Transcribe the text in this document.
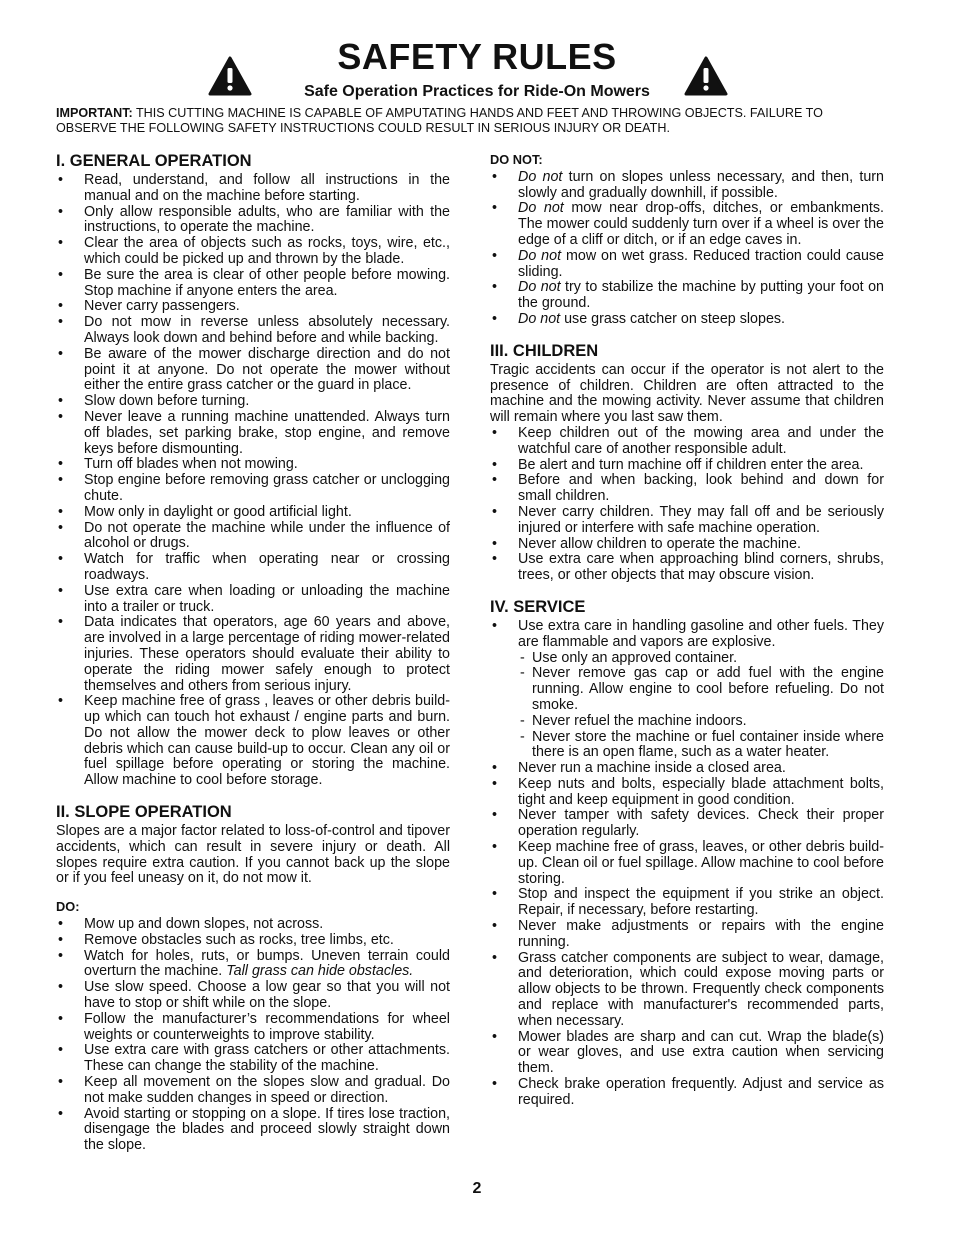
SAFETY RULES
Safe Operation Practices for Ride-On Mowers
IMPORTANT: THIS CUTTING MACHINE IS CAPABLE OF AMPUTATING HANDS AND FEET AND THROWING OBJECTS. FAILURE TO OBSERVE THE FOLLOWING SAFETY INSTRUCTIONS COULD RESULT IN SERIOUS INJURY OR DEATH.
I. GENERAL OPERATION
• Read, understand, and follow all instructions in the manual and on the machine before starting.
• Only allow responsible adults, who are familiar with the instructions, to operate the machine.
• Clear the area of objects such as rocks, toys, wire, etc., which could be picked up and thrown by the blade.
• Be sure the area is clear of other people before mowing. Stop machine if anyone enters the area.
• Never carry passengers.
• Do not mow in reverse unless absolutely necessary. Always look down and behind before and while backing.
• Be aware of the mower discharge direction and do not point it at anyone. Do not operate the mower without either the entire grass catcher or the guard in place.
• Slow down before turning.
• Never leave a running machine unattended. Always turn off blades, set parking brake, stop engine, and remove keys before dismounting.
• Turn off blades when not mowing.
• Stop engine before removing grass catcher or unclogging chute.
• Mow only in daylight or good artificial light.
• Do not operate the machine while under the influence of alcohol or drugs.
• Watch for traffic when operating near or crossing roadways.
• Use extra care when loading or unloading the machine into a trailer or truck.
• Data indicates that operators, age 60 years and above, are involved in a large percentage of riding mower-related injuries. These operators should evaluate their ability to operate the riding mower safely enough to protect themselves and others from serious injury.
• Keep machine free of grass , leaves or other debris build-up which can touch hot exhaust / engine parts and burn. Do not allow the mower deck to plow leaves or other debris which can cause build-up to occur. Clean any oil or fuel spillage before operating or storing the machine. Allow machine to cool before storage.
II. SLOPE OPERATION

Slopes are a major factor related to loss-of-control and tipover accidents, which can result in severe injury or death. All slopes require extra caution. If you cannot back up the slope or if you feel uneasy on it, do not mow it.

DO:
• Mow up and down slopes, not across.
• Remove obstacles such as rocks, tree limbs, etc.
• Watch for holes, ruts, or bumps. Uneven terrain could overturn the machine. Tall grass can hide obstacles.
• Use slow speed. Choose a low gear so that you will not have to stop or shift while on the slope.
• Follow the manufacturer’s recommendations for wheel weights or counterweights to improve stability.
• Use extra care with grass catchers or other attachments. These can change the stability of the machine.
• Keep all movement on the slopes slow and gradual. Do not make sudden changes in speed or direction.
• Avoid starting or stopping on a slope. If tires lose traction, disengage the blades and proceed slowly straight down the slope.
DO NOT:
• Do not turn on slopes unless necessary, and then, turn slowly and gradually downhill, if possible.
• Do not mow near drop-offs, ditches, or embankments. The mower could suddenly turn over if a wheel is over the edge of a cliff or ditch, or if an edge caves in.
• Do not mow on wet grass. Reduced traction could cause sliding.
• Do not try to stabilize the machine by putting your foot on the ground.
• Do not use grass catcher on steep slopes.
III. CHILDREN

Tragic accidents can occur if the operator is not alert to the presence of children. Children are often attracted to the machine and the mowing activity. Never assume that children will remain where you last saw them.

• Keep children out of the mowing area and under the watchful care of another responsible adult.
• Be alert and turn machine off if children enter the area.
• Before and when backing, look behind and down for small children.
• Never carry children. They may fall off and be seriously injured or interfere with safe machine operation.
• Never allow children to operate the machine.
• Use extra care when approaching blind corners, shrubs, trees, or other objects that may obscure vision.
IV. SERVICE
• Use extra care in handling gasoline and other fuels. They are flammable and vapors are explosive.
- Use only an approved container.
- Never remove gas cap or add fuel with the engine running. Allow engine to cool before refueling. Do not smoke.
- Never refuel the machine indoors.
- Never store the machine or fuel container inside where there is an open flame, such as a water heater.
• Never run a machine inside a closed area.
• Keep nuts and bolts, especially blade attachment bolts, tight and keep equipment in good condition.
• Never tamper with safety devices. Check their proper operation regularly.
• Keep machine free of grass, leaves, or other debris build-up. Clean oil or fuel spillage. Allow machine to cool before storing.
• Stop and inspect the equipment if you strike an object. Repair, if necessary, before restarting.
• Never make adjustments or repairs with the engine running.
• Grass catcher components are subject to wear, damage, and deterioration, which could expose moving parts or allow objects to be thrown. Frequently check components and replace with manufacturer's recommended parts, when necessary.
• Mower blades are sharp and can cut. Wrap the blade(s) or wear gloves, and use extra caution when servicing them.
• Check brake operation frequently. Adjust and service as required.
2
